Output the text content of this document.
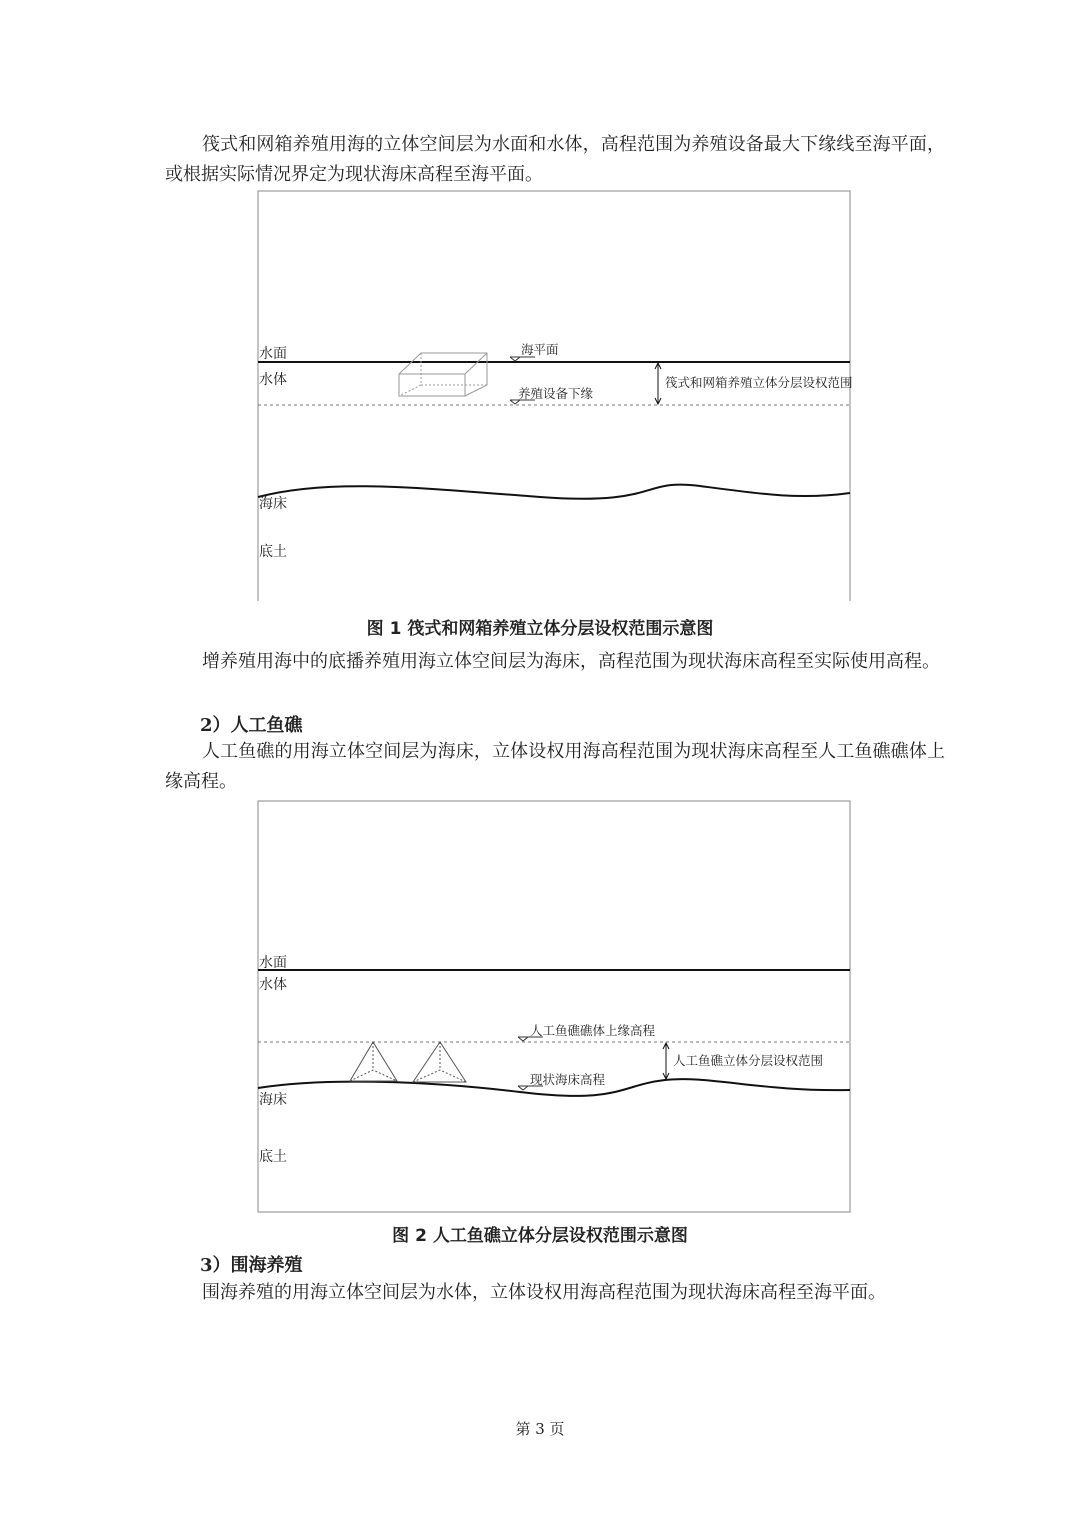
筏式和网箱养殖用海的立体空间层为水面和水体，高程范围为养殖设备最大下缘线至海平面，或根据实际情况界定为现状海床高程至海平面。
水面
水体
海床
底土
海平面
养殖设备下缘
筏式和网箱养殖立体分层设权范围
水面
水体
海床
底土
人工鱼礁礁体上缘高程
现状海床高程
人工鱼礁立体分层设权范围
图 1 筏式和网箱养殖立体分层设权范围示意图
增养殖用海中的底播养殖用海立体空间层为海床，高程范围为现状海床高程至实际使用高程。
2）人工鱼礁
人工鱼礁的用海立体空间层为海床，立体设权用海高程范围为现状海床高程至人工鱼礁礁体上缘高程。
图 2 人工鱼礁立体分层设权范围示意图
3）围海养殖
围海养殖的用海立体空间层为水体，立体设权用海高程范围为现状海床高程至海平面。
第 3 页
